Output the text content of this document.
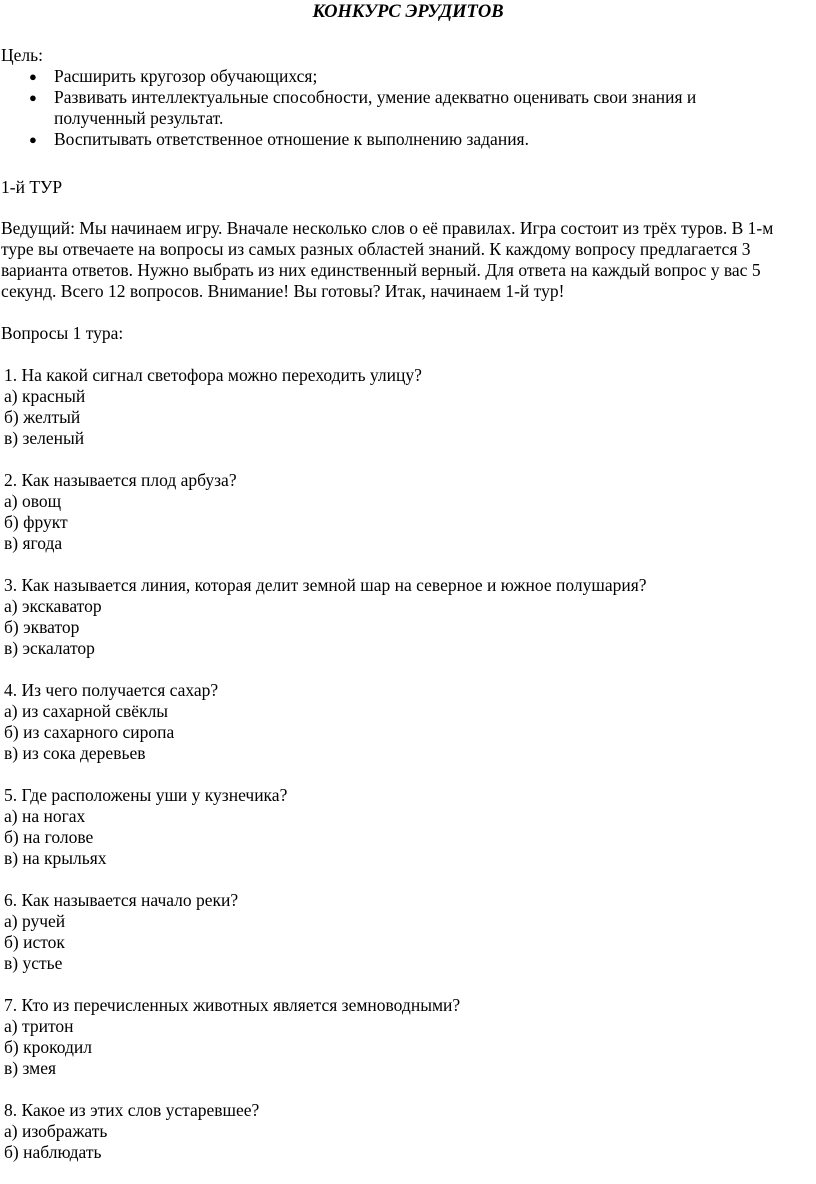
КОНКУРС ЭРУДИТОВ
Цель:
● Расширить кругозор обучающихся;
● Развивать интеллектуальные способности, умение адекватно оценивать свои знания и полученный результат.
● Воспитывать ответственное отношение к выполнению задания.
1-й ТУР
Ведущий: Мы начинаем игру. Вначале несколько слов о её правилах. Игра состоит из трёх туров. В 1-м туре вы отвечаете на вопросы из самых разных областей знаний. К каждому вопросу предлагается 3 варианта ответов. Нужно выбрать из них единственный верный. Для ответа на каждый вопрос у вас 5 секунд. Всего 12 вопросов. Внимание! Вы готовы? Итак, начинаем 1-й тур!
Вопросы 1 тура:
1. На какой сигнал светофора можно переходить улицу?
а) красный
б) желтый
в) зеленый
2. Как называется плод арбуза?
а) овощ
б) фрукт
в) ягода
3. Как называется линия, которая делит земной шар на северное и южное полушария?
а) экскаватор
б) экватор
в) эскалатор
4. Из чего получается сахар?
а) из сахарной свёклы
б) из сахарного сиропа
в) из сока деревьев
5. Где расположены уши у кузнечика?
а) на ногах
б) на голове
в) на крыльях
6. Как называется начало реки?
а) ручей
б) исток
в) устье
7. Кто из перечисленных животных является земноводными?
а) тритон
б) крокодил
в) змея
8. Какое из этих слов устаревшее?
а) изображать
б) наблюдать
